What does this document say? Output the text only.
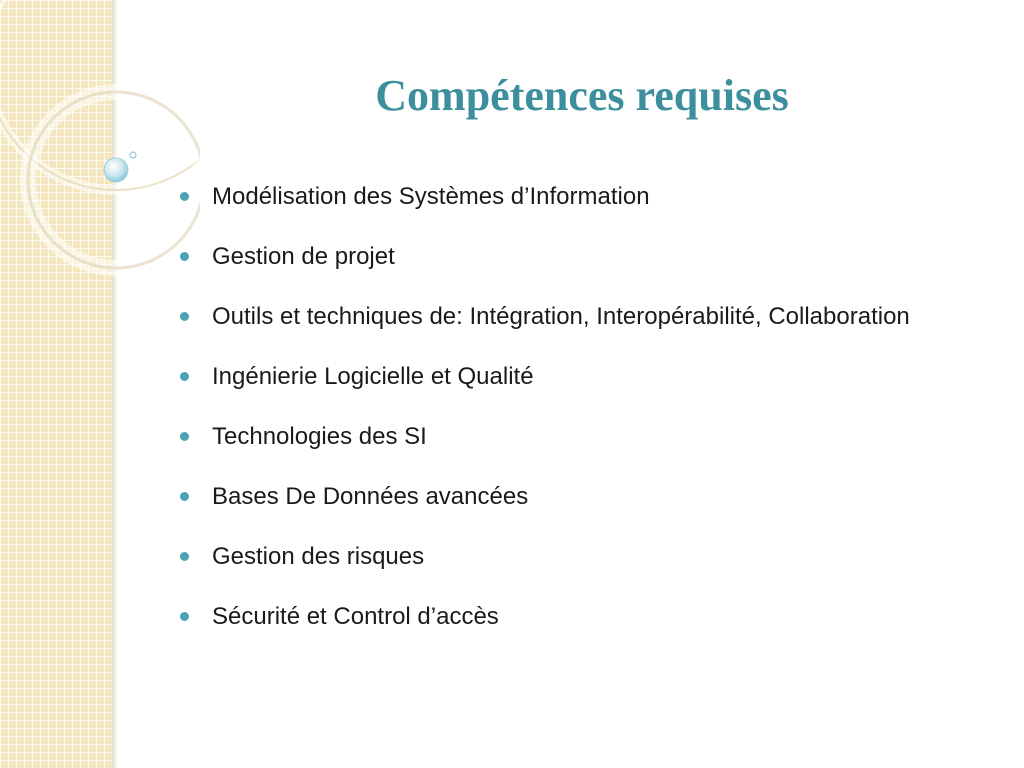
Compétences requises
Modélisation des Systèmes d’Information
Gestion de projet
Outils et techniques de: Intégration, Interopérabilité, Collaboration
Ingénierie Logicielle et Qualité
Technologies des SI
Bases De Données avancées
Gestion des risques
Sécurité et Control d’accès
